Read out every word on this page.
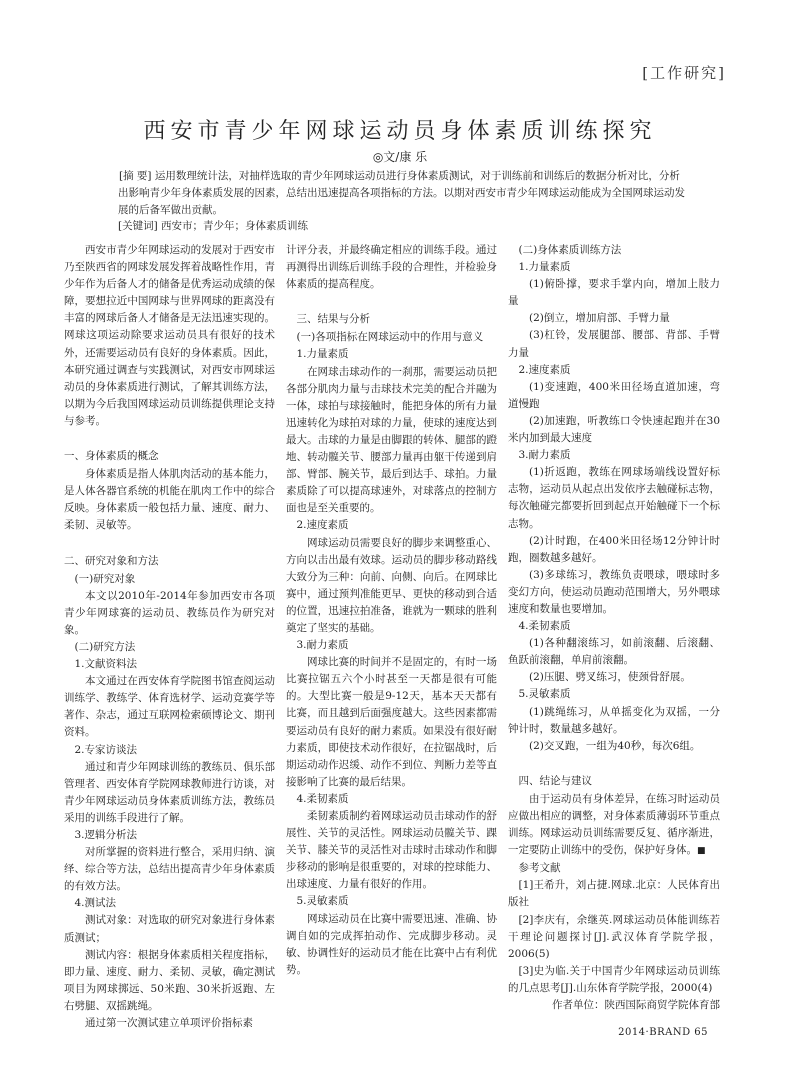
[工作研究]
西安市青少年网球运动员身体素质训练探究
◎文/康 乐

[摘 要] 运用数理统计法，对抽样选取的青少年网球运动员进行身体素质测试，对于训练前和训练后的数据分析对比，分析出影响青少年身体素质发展的因素，总结出迅速提高各项指标的方法。以期对西安市青少年网球运动能成为全国网球运动发展的后备军做出贡献。

[关键词] 西安市；青少年；身体素质训练

西安市青少年网球运动的发展对于西安市乃至陕西省的网球发展发挥着战略性作用，青少年作为后备人才的储备是优秀运动成绩的保障，要想拉近中国网球与世界网球的距离没有丰富的网球后备人才储备是无法迅速实现的。网球这项运动除要求运动员具有很好的技术外，还需要运动员有良好的身体素质。因此，本研究通过调查与实践测试，对西安市网球运动员的身体素质进行测试，了解其训练方法，以期为今后我国网球运动员训练提供理论支持与参考。

一、身体素质的概念

身体素质是指人体肌肉活动的基本能力，是人体各器官系统的机能在肌肉工作中的综合反映。身体素质一般包括力量、速度、耐力、柔韧、灵敏等。

二、研究对象和方法

(一)研究对象

本文以2010年-2014年参加西安市各项青少年网球赛的运动员、教练员作为研究对象。

(二)研究方法

1.文献资料法

本文通过在西安体育学院图书馆查阅运动训练学、教练学、体育选材学、运动竞赛学等著作、杂志，通过互联网检索硕博论文、期刊资料。

2.专家访谈法

通过和青少年网球训练的教练员、俱乐部管理者、西安体育学院网球教师进行访谈，对青少年网球运动员身体素质训练方法，教练员采用的训练手段进行了解。

3.逻辑分析法

对所掌握的资料进行整合，采用归纳、演绎、综合等方法，总结出提高青少年身体素质的有效方法。

4.测试法

测试对象：对选取的研究对象进行身体素质测试；

测试内容：根据身体素质相关程度指标，即力量、速度、耐力、柔韧、灵敏，确定测试项目为网球掷远、50米跑、30米折返跑、左右劈腿、双摇跳绳。

通过第一次测试建立单项评价指标素

计评分表，并最终确定相应的训练手段。通过再测得出训练后训练手段的合理性，并检验身体素质的提高程度。

三、结果与分析

(一)各项指标在网球运动中的作用与意义

1.力量素质

在网球击球动作的一刹那，需要运动员把各部分肌肉力量与击球技术完美的配合并融为一体，球拍与球接触时，能把身体的所有力量迅速转化为球拍对球的力量，使球的速度达到最大。击球的力量是由脚跟的转体、腿部的蹬地、转动髋关节、腰部力量再由躯干传递到肩部、臂部、腕关节，最后到达手、球拍。力量素质除了可以提高球速外，对球落点的控制方面也是至关重要的。

2.速度素质

网球运动员需要良好的脚步来调整重心、方向以击出最有效球。运动员的脚步移动路线大致分为三种：向前、向侧、向后。在网球比赛中，通过预判准能更早、更快的移动到合适的位置，迅速拉拍准备，谁就为一颗球的胜利奠定了坚实的基础。

3.耐力素质

网球比赛的时间并不是固定的，有时一场比赛拉锯五六个小时甚至一天都是很有可能的。大型比赛一般是9-12天，基本天天都有比赛，而且越到后面强度越大。这些因素都需要运动员有良好的耐力素质。如果没有很好耐力素质，即使技术动作很好，在拉锯战时，后期运动动作迟缓、动作不到位、判断力差等直接影响了比赛的最后结果。

4.柔韧素质

柔韧素质制约着网球运动员击球动作的舒展性、关节的灵活性。网球运动员髋关节、踝关节、膝关节的灵活性对击球时击球动作和脚步移动的影响是很重要的，对球的控球能力、出球速度、力量有很好的作用。

5.灵敏素质

网球运动员在比赛中需要迅速、准确、协调自如的完成挥拍动作、完成脚步移动。灵敏、协调性好的运动员才能在比赛中占有利优势。

(二)身体素质训练方法

1.力量素质

(1)俯卧撑，要求手掌内向，增加上肢力量

(2)倒立，增加肩部、手臂力量

(3)杠铃，发展腿部、腰部、背部、手臂力量

2.速度素质

(1)变速跑，400米田径场直道加速，弯道慢跑

(2)加速跑，听教练口令快速起跑并在30米内加到最大速度

3.耐力素质

(1)折返跑，教练在网球场端线设置好标志物，运动员从起点出发依序去触碰标志物，每次触碰完都要折回到起点开始触碰下一个标志物。

(2)计时跑，在400米田径场12分钟计时跑，圈数越多越好。

(3)多球练习，教练负责喂球，喂球时多变幻方向，使运动员跑动范围增大，另外喂球速度和数量也要增加。

4.柔韧素质

(1)各种翻滚练习，如前滚翻、后滚翻、鱼跃前滚翻，单肩前滚翻。

(2)压腿、劈叉练习，使颈骨舒展。

5.灵敏素质

(1)跳绳练习，从单摇变化为双摇，一分钟计时，数量越多越好。

(2)交叉跑，一组为40秒，每次6组。

四、结论与建议

由于运动员有身体差异，在练习时运动员应做出相应的调整，对身体素质薄弱环节重点训练。网球运动员训练需要反复、循序渐进，一定要防止训练中的受伤，保护好身体。■

参考文献

[1]王希升，刘占捷.网球.北京：人民体育出版社

[2]李庆有，余继英.网球运动员体能训练若干理论问题探讨[J].武汉体育学院学报，2006(5)

[3]史为临.关于中国青少年网球运动员训练的几点思考[J].山东体育学院学报，2000(4)

作者单位：陕西国际商贸学院体育部

2014·BRAND 65
